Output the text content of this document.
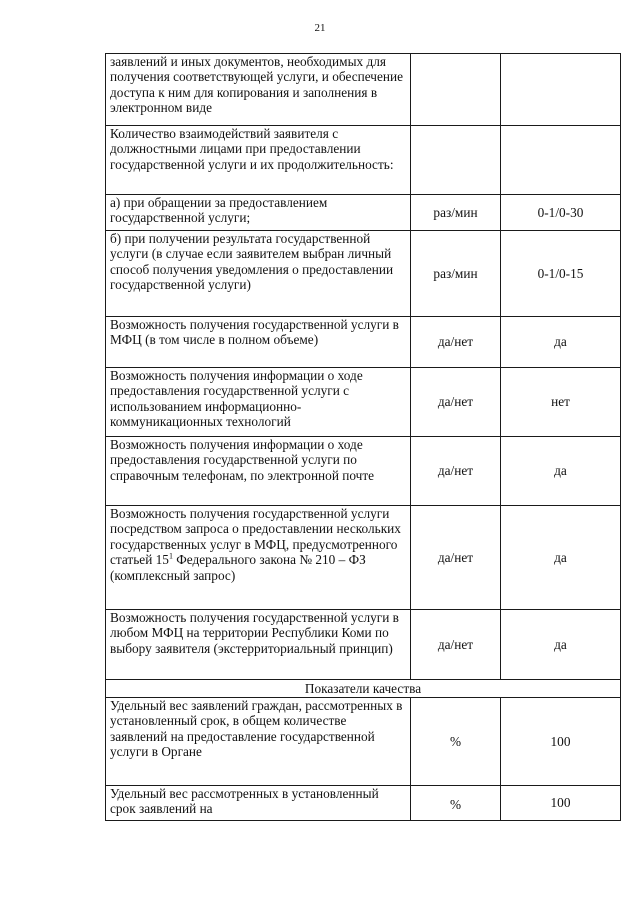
21
заявлений и иных документов, необходимых для получения соответствующей услуги, и обеспечение доступа к ним для копирования и заполнения в электронном виде		
Количество взаимодействий заявителя с должностными лицами при предоставлении государственной услуги и их продолжительность:		
а) при обращении за предоставлением государственной услуги;	раз/мин	0-1/0-30
б) при получении результата государственной услуги (в случае если заявителем выбран личный способ получения уведомления о предоставлении государственной услуги)	раз/мин	0-1/0-15
Возможность получения государственной услуги в МФЦ (в том числе в полном объеме)	да/нет	да
Возможность получения информации о ходе предоставления государственной услуги с использованием информационно-коммуникационных технологий	да/нет	нет
Возможность получения информации о ходе предоставления государственной услуги по справочным телефонам, по электронной почте	да/нет	да
Возможность получения государственной услуги посредством запроса о предоставлении нескольких государственных услуг в МФЦ, предусмотренного статьей $15^1$ Федерального закона № 210 – ФЗ (комплексный запрос)	да/нет	да
Возможность получения государственной услуги в любом МФЦ на территории Республики Коми по выбору заявителя (экстерриториальный принцип)	да/нет	да
Показатели качества		
Удельный вес заявлений граждан, рассмотренных в установленный срок, в общем количестве заявлений на предоставление государственной услуги в Органе	%	100
Удельный вес рассмотренных в установленный срок заявлений на	%	100
